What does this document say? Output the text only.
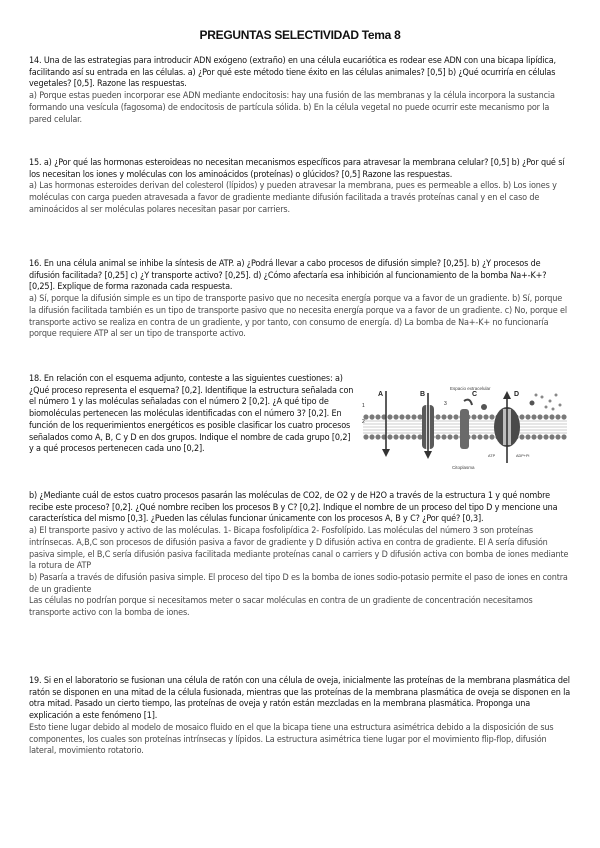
PREGUNTAS SELECTIVIDAD Tema 8

14. Una de las estrategias para introducir ADN exógeno (extraño) en una célula eucariótica es rodear ese ADN con una bicapa lipídica, facilitando así su entrada en las células. a) ¿Por qué este método tiene éxito en las células animales? [0,5] b) ¿Qué ocurriría en células vegetales? [0,5]. Razone las respuestas.

a) Porque estas pueden incorporar ese ADN mediante endocitosis: hay una fusión de las membranas y la célula incorpora la sustancia formando una vesícula (fagosoma) de endocitosis de partícula sólida. b) En la célula vegetal no puede ocurrir este mecanismo por la pared celular.

15. a) ¿Por qué las hormonas esteroideas no necesitan mecanismos específicos para atravesar la membrana celular? [0,5] b) ¿Por qué sí los necesitan los iones y moléculas con los aminoácidos (proteínas) o glúcidos? [0,5] Razone las respuestas.

a) Las hormonas esteroides derivan del colesterol (lípidos) y pueden atravesar la membrana, pues es permeable a ellos. b) Los iones y moléculas con carga pueden atravesada a favor de gradiente mediante difusión facilitada a través proteínas canal y en el caso de aminoácidos al ser moléculas polares necesitan pasar por carriers.

16. En una célula animal se inhibe la síntesis de ATP. a) ¿Podrá llevar a cabo procesos de difusión simple? [0,25]. b) ¿Y procesos de difusión facilitada? [0,25] c) ¿Y transporte activo? [0,25]. d) ¿Cómo afectaría esa inhibición al funcionamiento de la bomba Na+-K+? [0,25]. Explique de forma razonada cada respuesta.

a) Sí, porque la difusión simple es un tipo de transporte pasivo que no necesita energía porque va a favor de un gradiente. b) Sí, porque la difusión facilitada también es un tipo de transporte pasivo que no necesita energía porque va a favor de un gradiente. c) No, porque el transporte activo se realiza en contra de un gradiente, y por tanto, con consumo de energía. d) La bomba de Na+-K+ no funcionaría porque requiere ATP al ser un tipo de transporte activo.

18. En relación con el esquema adjunto, conteste a las siguientes cuestiones: a) ¿Qué proceso representa el esquema? [0,2]. Identifique la estructura señalada con el número 1 y las moléculas señaladas con el número 2 [0,2]. ¿A qué tipo de biomoléculas pertenecen las moléculas identificadas con el número 3? [0,2]. En función de los requerimientos energéticos es posible clasificar los cuatro procesos señalados como A, B, C y D en dos grupos. Indique el nombre de cada grupo [0,2] y a qué procesos pertenecen cada uno [0,2].

Espacio extracelular
Citoplasma
A	B	C	D
1
2
3
ATP	ADP+Pi

b) ¿Mediante cuál de estos cuatro procesos pasarán las moléculas de CO2, de O2 y de H2O a través de la estructura 1 y qué nombre recibe este proceso? [0,2]. ¿Qué nombre reciben los procesos B y C? [0,2]. Indique el nombre de un proceso del tipo D y mencione una característica del mismo [0,3]. ¿Pueden las células funcionar únicamente con los procesos A, B y C? ¿Por qué? [0,3].

a) El transporte pasivo y activo de las moléculas. 1- Bicapa fosfolipídica 2- Fosfolípido. Las moléculas del número 3 son proteínas intrínsecas. A,B,C son procesos de difusión pasiva a favor de gradiente y D difusión activa en contra de gradiente. El A sería difusión pasiva simple, el B,C sería difusión pasiva facilitada mediante proteínas canal o carriers y D difusión activa con bomba de iones mediante la rotura de ATP

b) Pasaría a través de difusión pasiva simple. El proceso del tipo D es la bomba de iones sodio-potasio permite el paso de iones en contra de un gradiente

Las células no podrían porque si necesitamos meter o sacar moléculas en contra de un gradiente de concentración necesitamos transporte activo con la bomba de iones.

19. Si en el laboratorio se fusionan una célula de ratón con una célula de oveja, inicialmente las proteínas de la membrana plasmática del ratón se disponen en una mitad de la célula fusionada, mientras que las proteínas de la membrana plasmática de oveja se disponen en la otra mitad. Pasado un cierto tiempo, las proteínas de oveja y ratón están mezcladas en la membrana plasmática. Proponga una explicación a este fenómeno [1].

Esto tiene lugar debido al modelo de mosaico fluido en el que la bicapa tiene una estructura asimétrica debido a la disposición de sus componentes, los cuales son proteínas intrínsecas y lípidos. La estructura asimétrica tiene lugar por el movimiento flip-flop, difusión lateral, movimiento rotatorio.
